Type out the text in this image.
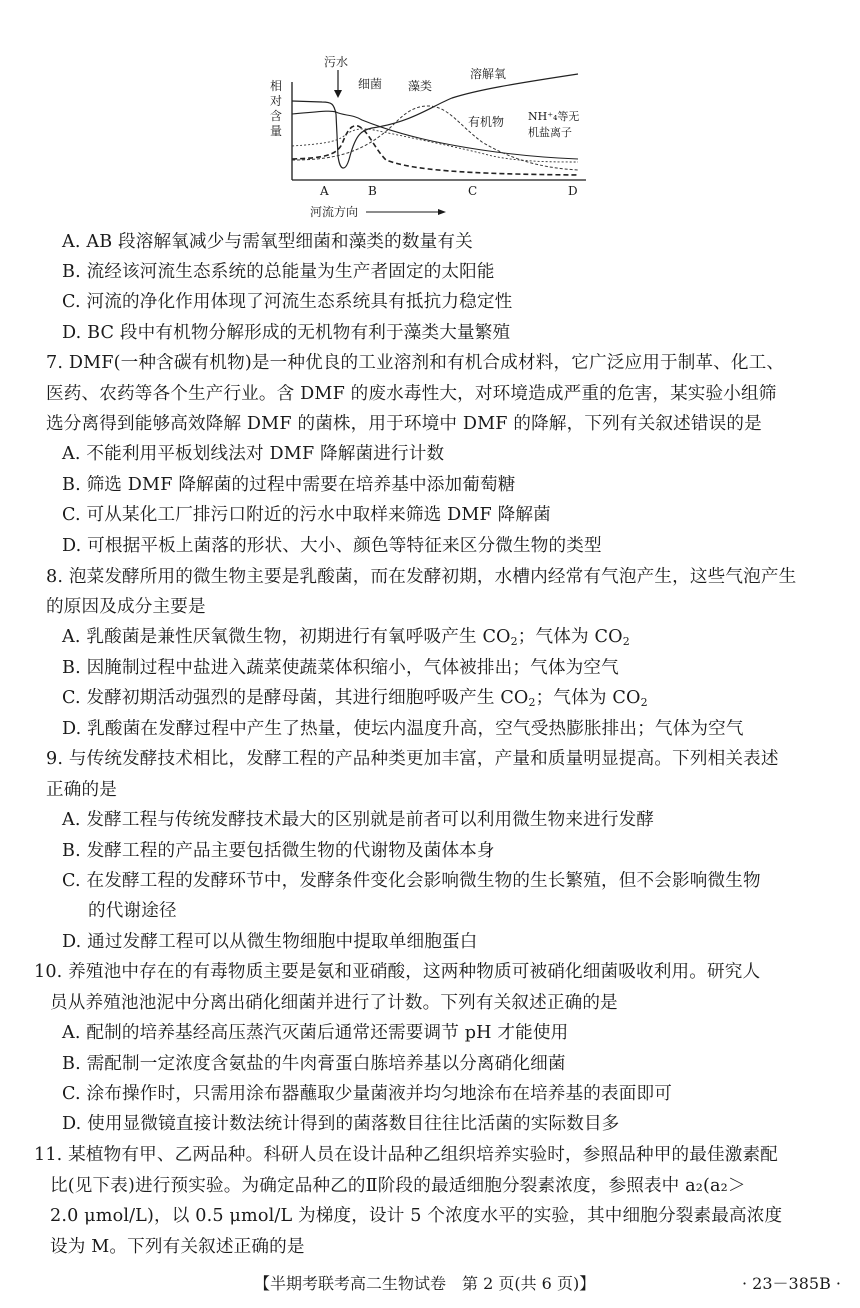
相
对
含
量
污水
细菌 藻类
溶解氧
有机物 NH⁺₄等无
机盐离子
A	B	C	D
河流方向
A. AB 段溶解氧减少与需氧型细菌和藻类的数量有关
B. 流经该河流生态系统的总能量为生产者固定的太阳能
C. 河流的净化作用体现了河流生态系统具有抵抗力稳定性
D. BC 段中有机物分解形成的无机物有利于藻类大量繁殖
7. DMF(一种含碳有机物)是一种优良的工业溶剂和有机合成材料，它广泛应用于制革、化工、
医药、农药等各个生产行业。含 DMF 的废水毒性大，对环境造成严重的危害，某实验小组筛
选分离得到能够高效降解 DMF 的菌株，用于环境中 DMF 的降解，下列有关叙述错误的是
A. 不能利用平板划线法对 DMF 降解菌进行计数
B. 筛选 DMF 降解菌的过程中需要在培养基中添加葡萄糖
C. 可从某化工厂排污口附近的污水中取样来筛选 DMF 降解菌
D. 可根据平板上菌落的形状、大小、颜色等特征来区分微生物的类型
8. 泡菜发酵所用的微生物主要是乳酸菌，而在发酵初期，水槽内经常有气泡产生，这些气泡产生
的原因及成分主要是
A. 乳酸菌是兼性厌氧微生物，初期进行有氧呼吸产生 $CO_2$；气体为 $CO_2$
B. 因腌制过程中盐进入蔬菜使蔬菜体积缩小，气体被排出；气体为空气
C. 发酵初期活动强烈的是酵母菌，其进行细胞呼吸产生 $CO_2$；气体为 $CO_2$
D. 乳酸菌在发酵过程中产生了热量，使坛内温度升高，空气受热膨胀排出；气体为空气
9. 与传统发酵技术相比，发酵工程的产品种类更加丰富，产量和质量明显提高。下列相关表述
正确的是
A. 发酵工程与传统发酵技术最大的区别就是前者可以利用微生物来进行发酵
B. 发酵工程的产品主要包括微生物的代谢物及菌体本身
C. 在发酵工程的发酵环节中，发酵条件变化会影响微生物的生长繁殖，但不会影响微生物
的代谢途径
D. 通过发酵工程可以从微生物细胞中提取单细胞蛋白
10. 养殖池中存在的有毒物质主要是氨和亚硝酸，这两种物质可被硝化细菌吸收利用。研究人
员从养殖池池泥中分离出硝化细菌并进行了计数。下列有关叙述正确的是
A. 配制的培养基经高压蒸汽灭菌后通常还需要调节 pH 才能使用
B. 需配制一定浓度含氨盐的牛肉膏蛋白胨培养基以分离硝化细菌
C. 涂布操作时，只需用涂布器蘸取少量菌液并均匀地涂布在培养基的表面即可
D. 使用显微镜直接计数法统计得到的菌落数目往往比活菌的实际数目多
11. 某植物有甲、乙两品种。科研人员在设计品种乙组织培养实验时，参照品种甲的最佳激素配
比(见下表)进行预实验。为确定品种乙的Ⅱ阶段的最适细胞分裂素浓度，参照表中 a₂(a₂＞
2.0 μmol/L)，以 0.5 μmol/L 为梯度，设计 5 个浓度水平的实验，其中细胞分裂素最高浓度
设为 M。下列有关叙述正确的是
【半期考联考高二生物试卷　第 2 页(共 6 页)】	· 23－385B ·
